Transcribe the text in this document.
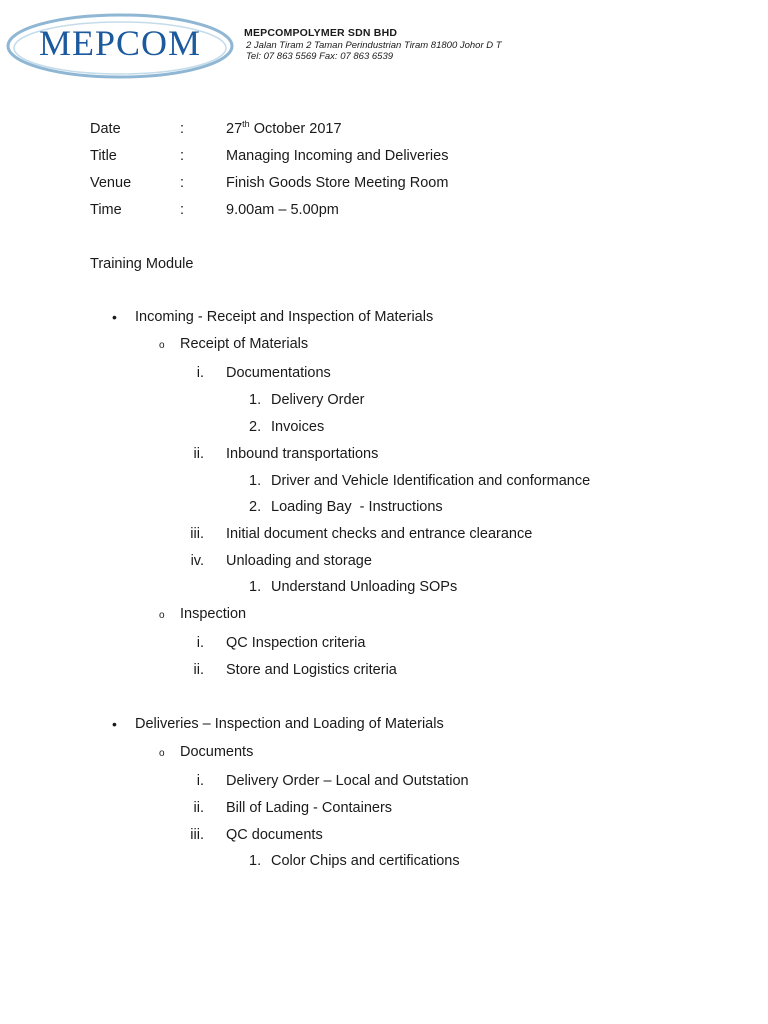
MEPCOM	MEPCOMPOLYMER SDN BHD
2 Jalan Tiram 2 Taman Perindustrian Tiram 81800 Johor D T
Tel: 07 863 5569 Fax: 07 863 6539
Date	:	27th October 2017
Title	:	Managing Incoming and Deliveries
Venue	:	Finish Goods Store Meeting Room
Time	:	9.00am – 5.00pm
Training Module
• Incoming - Receipt and Inspection of Materials
o Receipt of Materials
i. Documentations
1. Delivery Order
2. Invoices
ii. Inbound transportations
1. Driver and Vehicle Identification and conformance
2. Loading Bay  - Instructions
iii. Initial document checks and entrance clearance
iv. Unloading and storage
1. Understand Unloading SOPs
o Inspection
i. QC Inspection criteria
ii. Store and Logistics criteria
• Deliveries – Inspection and Loading of Materials
o Documents
i. Delivery Order – Local and Outstation
ii. Bill of Lading - Containers
iii. QC documents
1. Color Chips and certifications
